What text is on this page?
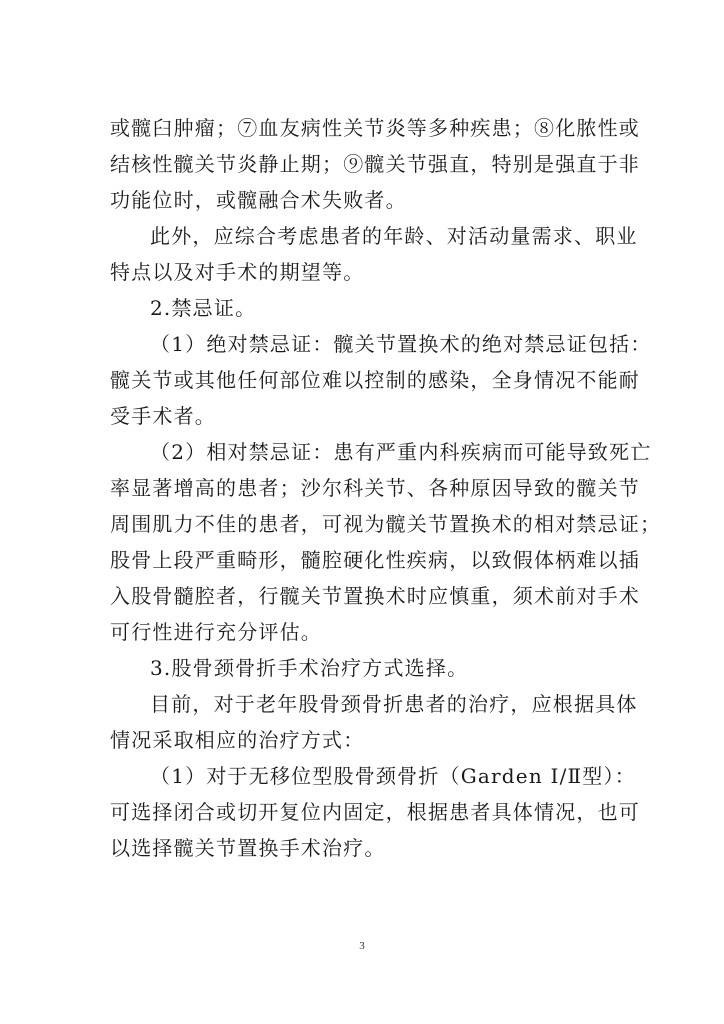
或髋臼肿瘤；⑦血友病性关节炎等多种疾患；⑧化脓性或
结核性髋关节炎静止期；⑨髋关节强直，特别是强直于非
功能位时，或髋融合术失败者。
此外，应综合考虑患者的年龄、对活动量需求、职业
特点以及对手术的期望等。
2.禁忌证。
（1）绝对禁忌证：髋关节置换术的绝对禁忌证包括：
髋关节或其他任何部位难以控制的感染，全身情况不能耐
受手术者。
（2）相对禁忌证：患有严重内科疾病而可能导致死亡
率显著增高的患者；沙尔科关节、各种原因导致的髋关节
周围肌力不佳的患者，可视为髋关节置换术的相对禁忌证；
股骨上段严重畸形，髓腔硬化性疾病，以致假体柄难以插
入股骨髓腔者，行髋关节置换术时应慎重，须术前对手术
可行性进行充分评估。
3.股骨颈骨折手术治疗方式选择。
目前，对于老年股骨颈骨折患者的治疗，应根据具体
情况采取相应的治疗方式：
（1）对于无移位型股骨颈骨折（Garden Ⅰ/Ⅱ型）：
可选择闭合或切开复位内固定，根据患者具体情况，也可
以选择髋关节置换手术治疗。
3
